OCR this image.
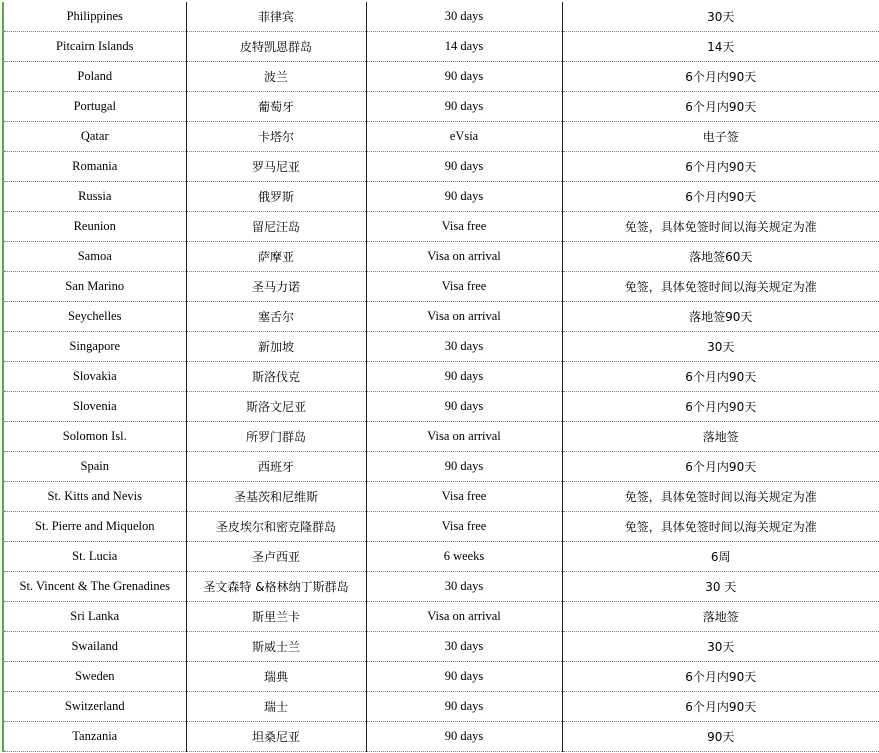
Philippines	菲律宾	30 days	30天
Pitcairn Islands	皮特凯恩群岛	14 days	14天
Poland	波兰	90 days	6个月内90天
Portugal	葡萄牙	90 days	6个月内90天
Qatar	卡塔尔	eVsia	电子签
Romania	罗马尼亚	90 days	6个月内90天
Russia	俄罗斯	90 days	6个月内90天
Reunion	留尼汪岛	Visa free	免签，具体免签时间以海关规定为准
Samoa	萨摩亚	Visa on arrival	落地签60天
San Marino	圣马力诺	Visa free	免签，具体免签时间以海关规定为准
Seychelles	塞舌尔	Visa on arrival	落地签90天
Singapore	新加坡	30 days	30天
Slovakia	斯洛伐克	90 days	6个月内90天
Slovenia	斯洛文尼亚	90 days	6个月内90天
Solomon Isl.	所罗门群岛	Visa on arrival	落地签
Spain	西班牙	90 days	6个月内90天
St. Kitts and Nevis	圣基茨和尼维斯	Visa free	免签，具体免签时间以海关规定为准
St. Pierre and Miquelon	圣皮埃尔和密克隆群岛	Visa free	免签，具体免签时间以海关规定为准
St. Lucia	圣卢西亚	6 weeks	6周
St. Vincent & The Grenadines	圣文森特 &格林纳丁斯群岛	30 days	30 天
Sri Lanka	斯里兰卡	Visa on arrival	落地签
Swailand	斯威士兰	30 days	30天
Sweden	瑞典	90 days	6个月内90天
Switzerland	瑞士	90 days	6个月内90天
Tanzania	坦桑尼亚	90 days	90天
